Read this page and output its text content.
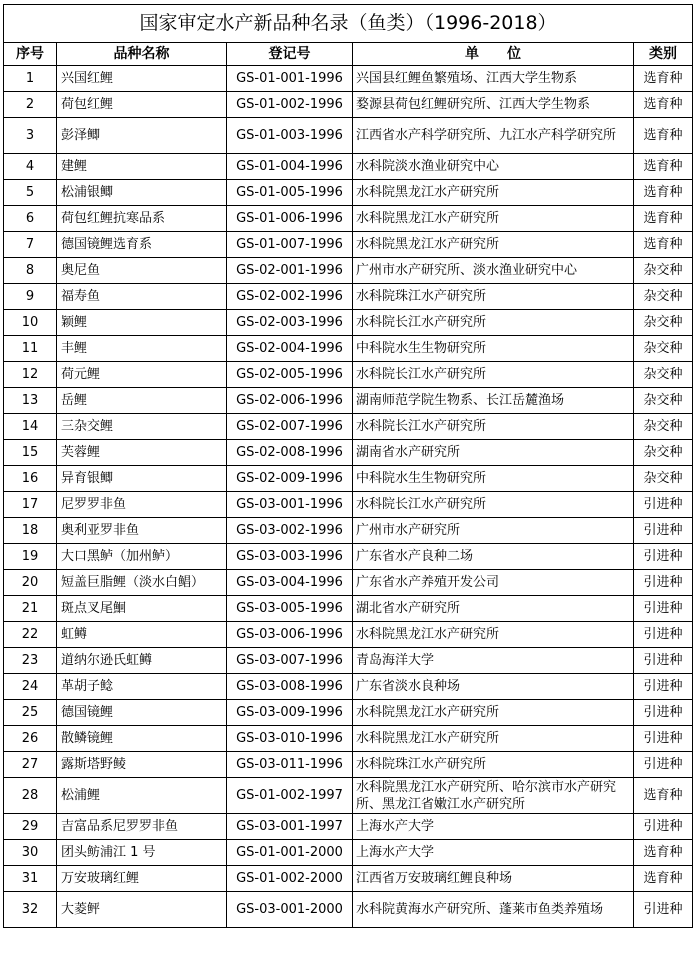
国家审定水产新品种名录（鱼类）（1996-2018）				
序号	品种名称	登记号	单　　位	类别
1	兴国红鲤	GS-01-001-1996	兴国县红鲤鱼繁殖场、江西大学生物系	选育种
2	荷包红鲤	GS-01-002-1996	婺源县荷包红鲤研究所、江西大学生物系	选育种
3	彭泽鲫	GS-01-003-1996	江西省水产科学研究所、九江水产科学研究所	选育种
4	建鲤	GS-01-004-1996	水科院淡水渔业研究中心	选育种
5	松浦银鲫	GS-01-005-1996	水科院黑龙江水产研究所	选育种
6	荷包红鲤抗寒品系	GS-01-006-1996	水科院黑龙江水产研究所	选育种
7	德国镜鲤选育系	GS-01-007-1996	水科院黑龙江水产研究所	选育种
8	奥尼鱼	GS-02-001-1996	广州市水产研究所、淡水渔业研究中心	杂交种
9	福寿鱼	GS-02-002-1996	水科院珠江水产研究所	杂交种
10	颖鲤	GS-02-003-1996	水科院长江水产研究所	杂交种
11	丰鲤	GS-02-004-1996	中科院水生生物研究所	杂交种
12	荷元鲤	GS-02-005-1996	水科院长江水产研究所	杂交种
13	岳鲤	GS-02-006-1996	湖南师范学院生物系、长江岳麓渔场	杂交种
14	三杂交鲤	GS-02-007-1996	水科院长江水产研究所	杂交种
15	芙蓉鲤	GS-02-008-1996	湖南省水产研究所	杂交种
16	异育银鲫	GS-02-009-1996	中科院水生生物研究所	杂交种
17	尼罗罗非鱼	GS-03-001-1996	水科院长江水产研究所	引进种
18	奥利亚罗非鱼	GS-03-002-1996	广州市水产研究所	引进种
19	大口黑鲈（加州鲈）	GS-03-003-1996	广东省水产良种二场	引进种
20	短盖巨脂鲤（淡水白鲳）	GS-03-004-1996	广东省水产养殖开发公司	引进种
21	斑点叉尾鮰	GS-03-005-1996	湖北省水产研究所	引进种
22	虹鳟	GS-03-006-1996	水科院黑龙江水产研究所	引进种
23	道纳尔逊氏虹鳟	GS-03-007-1996	青岛海洋大学	引进种
24	革胡子鲶	GS-03-008-1996	广东省淡水良种场	引进种
25	德国镜鲤	GS-03-009-1996	水科院黑龙江水产研究所	引进种
26	散鳞镜鲤	GS-03-010-1996	水科院黑龙江水产研究所	引进种
27	露斯塔野鲮	GS-03-011-1996	水科院珠江水产研究所	引进种
28	松浦鲤	GS-01-002-1997	水科院黑龙江水产研究所、哈尔滨市水产研究所、黑龙江省嫩江水产研究所	选育种
29	吉富品系尼罗罗非鱼	GS-03-001-1997	上海水产大学	引进种
30	团头鲂浦江 1 号	GS-01-001-2000	上海水产大学	选育种
31	万安玻璃红鲤	GS-01-002-2000	江西省万安玻璃红鲤良种场	选育种
32	大菱鲆	GS-03-001-2000	水科院黄海水产研究所、蓬莱市鱼类养殖场	引进种
